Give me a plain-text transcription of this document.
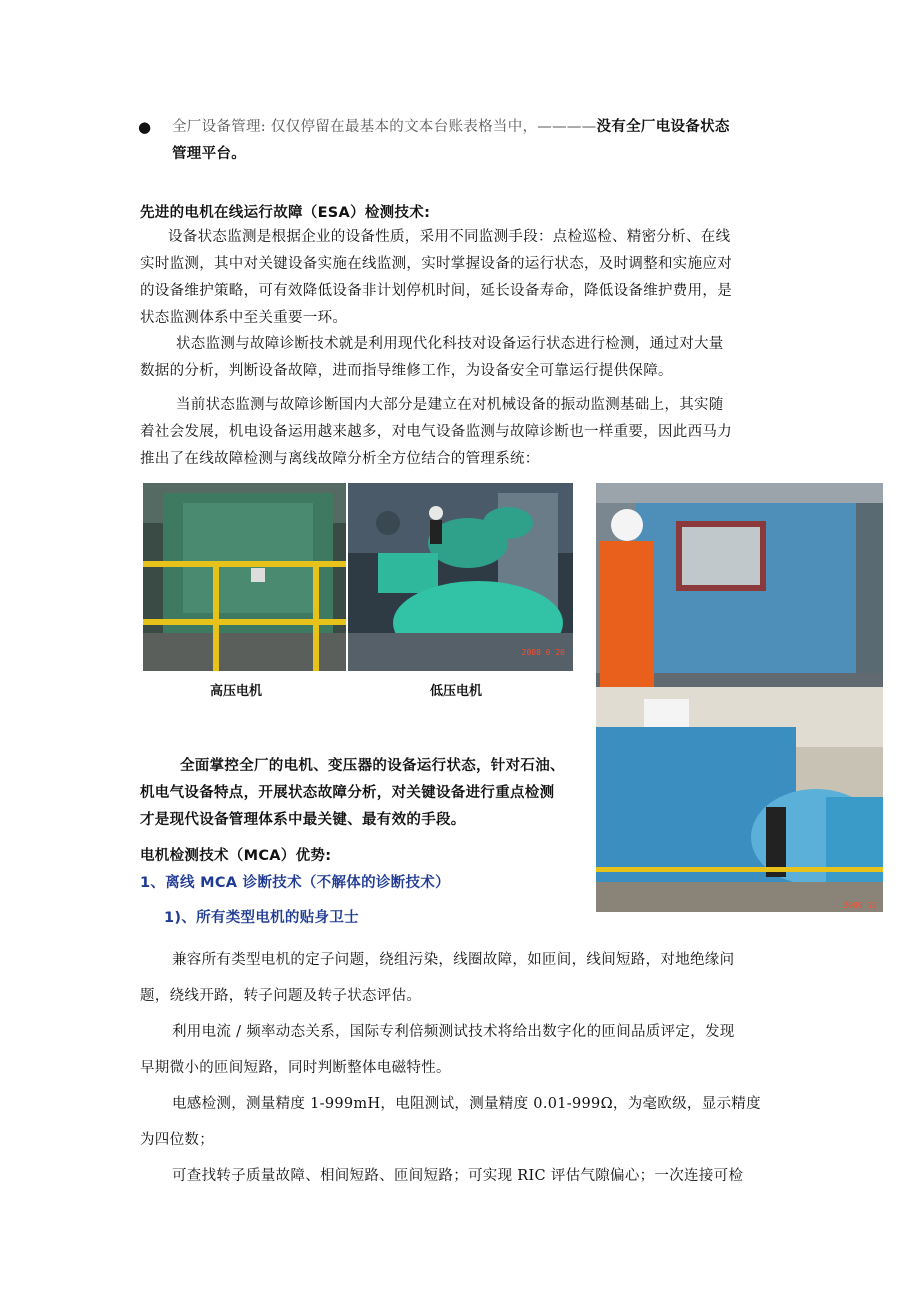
● 全厂设备管理: 仅仅停留在最基本的文本台账表格当中，————没有全厂电设备状态
管理平台。
先进的电机在线运行故障（ESA）检测技术:
设备状态监测是根据企业的设备性质，采用不同监测手段：点检巡检、精密分析、在线
实时监测，其中对关键设备实施在线监测，实时掌握设备的运行状态，及时调整和实施应对
的设备维护策略，可有效降低设备非计划停机时间，延长设备寿命，降低设备维护费用，是
状态监测体系中至关重要一环。
状态监测与故障诊断技术就是利用现代化科技对设备运行状态进行检测，通过对大量
数据的分析，判断设备故障，进而指导维修工作，为设备安全可靠运行提供保障。
当前状态监测与故障诊断国内大部分是建立在对机械设备的振动监测基础上，其实随
着社会发展，机电设备运用越来越多，对电气设备监测与故障诊断也一样重要，因此西马力
推出了在线故障检测与离线故障分析全方位结合的管理系统：
2008 6 26
2009 12
高压电机	低压电机
全面掌控全厂的电机、变压器的设备运行状态，针对石油、
机电气设备特点，开展状态故障分析，对关键设备进行重点检测
才是现代设备管理体系中最关键、最有效的手段。
电机检测技术（MCA）优势:
1、离线 MCA 诊断技术（不解体的诊断技术）
1)、所有类型电机的贴身卫士
兼容所有类型电机的定子问题，绕组污染，线圈故障，如匝间，线间短路，对地绝缘问
题，绕线开路，转子问题及转子状态评估。
利用电流 / 频率动态关系，国际专利倍频测试技术将给出数字化的匝间品质评定，发现
早期微小的匝间短路，同时判断整体电磁特性。
电感检测，测量精度 1-999mH，电阻测试，测量精度 0.01-999Ω，为毫欧级，显示精度
为四位数；
可查找转子质量故障、相间短路、匝间短路；可实现 RIC 评估气隙偏心；一次连接可检
